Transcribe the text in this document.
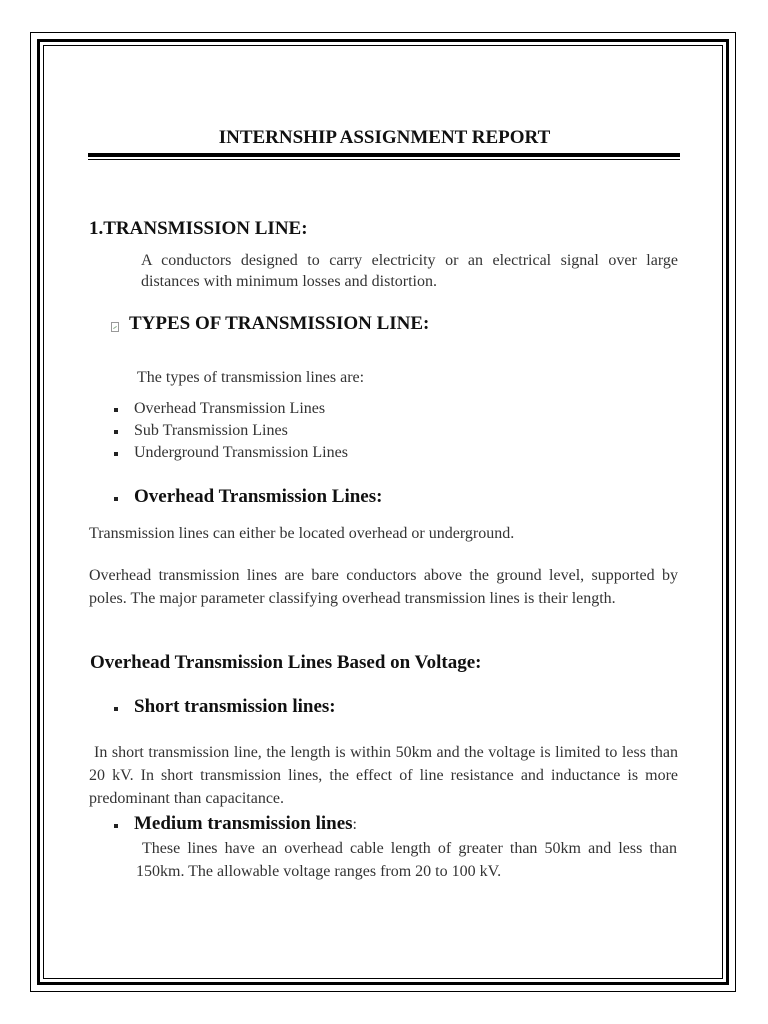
INTERNSHIP ASSIGNMENT REPORT
1.TRANSMISSION LINE:

A conductors designed to carry electricity or an electrical signal over large distances with minimum losses and distortion.

TYPES OF TRANSMISSION LINE:
The types of transmission lines are:
Overhead Transmission Lines
Sub Transmission Lines
Underground Transmission Lines
Overhead Transmission Lines:
Transmission lines can either be located overhead or underground.

Overhead transmission lines are bare conductors above the ground level, supported by poles. The major parameter classifying overhead transmission lines is their length.

Overhead Transmission Lines Based on Voltage:
Short transmission lines:

In short transmission line, the length is within 50km and the voltage is limited to less than 20 kV. In short transmission lines, the effect of line resistance and inductance is more predominant than capacitance.

Medium transmission lines:

These lines have an overhead cable length of greater than 50km and less than 150km. The allowable voltage ranges from 20 to 100 kV.
